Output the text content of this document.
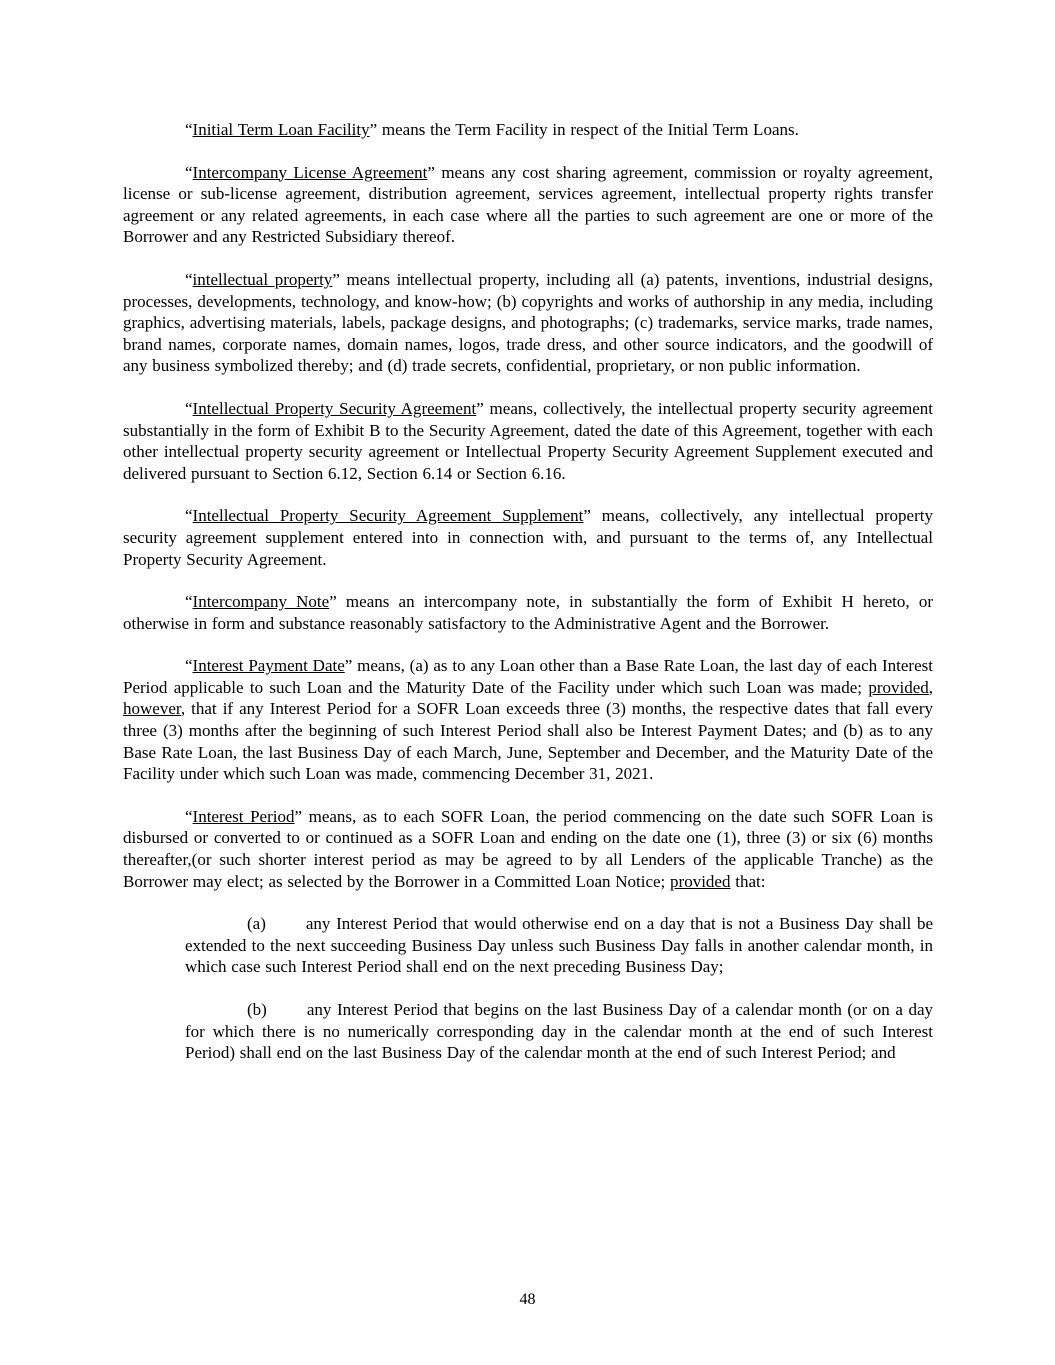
“Initial Term Loan Facility” means the Term Facility in respect of the Initial Term Loans.

“Intercompany License Agreement” means any cost sharing agreement, commission or royalty agreement, license or sub-license agreement, distribution agreement, services agreement, intellectual property rights transfer agreement or any related agreements, in each case where all the parties to such agreement are one or more of the Borrower and any Restricted Subsidiary thereof.

“intellectual property” means intellectual property, including all (a) patents, inventions, industrial designs, processes, developments, technology, and know-how; (b) copyrights and works of authorship in any media, including graphics, advertising materials, labels, package designs, and photographs; (c) trademarks, service marks, trade names, brand names, corporate names, domain names, logos, trade dress, and other source indicators, and the goodwill of any business symbolized thereby; and (d) trade secrets, confidential, proprietary, or non public information.

“Intellectual Property Security Agreement” means, collectively, the intellectual property security agreement substantially in the form of Exhibit B to the Security Agreement, dated the date of this Agreement, together with each other intellectual property security agreement or Intellectual Property Security Agreement Supplement executed and delivered pursuant to Section 6.12, Section 6.14 or Section 6.16.

“Intellectual Property Security Agreement Supplement” means, collectively, any intellectual property security agreement supplement entered into in connection with, and pursuant to the terms of, any Intellectual Property Security Agreement.

“Intercompany Note” means an intercompany note, in substantially the form of Exhibit H hereto, or otherwise in form and substance reasonably satisfactory to the Administrative Agent and the Borrower.

“Interest Payment Date” means, (a) as to any Loan other than a Base Rate Loan, the last day of each Interest Period applicable to such Loan and the Maturity Date of the Facility under which such Loan was made; provided, however, that if any Interest Period for a SOFR Loan exceeds three (3) months, the respective dates that fall every three (3) months after the beginning of such Interest Period shall also be Interest Payment Dates; and (b) as to any Base Rate Loan, the last Business Day of each March, June, September and December, and the Maturity Date of the Facility under which such Loan was made, commencing December 31, 2021.

“Interest Period” means, as to each SOFR Loan, the period commencing on the date such SOFR Loan is disbursed or converted to or continued as a SOFR Loan and ending on the date one (1), three (3) or six (6) months thereafter,(or such shorter interest period as may be agreed to by all Lenders of the applicable Tranche) as the Borrower may elect; as selected by the Borrower in a Committed Loan Notice; provided that:

(a) any Interest Period that would otherwise end on a day that is not a Business Day shall be extended to the next succeeding Business Day unless such Business Day falls in another calendar month, in which case such Interest Period shall end on the next preceding Business Day;

(b) any Interest Period that begins on the last Business Day of a calendar month (or on a day for which there is no numerically corresponding day in the calendar month at the end of such Interest Period) shall end on the last Business Day of the calendar month at the end of such Interest Period; and

48
